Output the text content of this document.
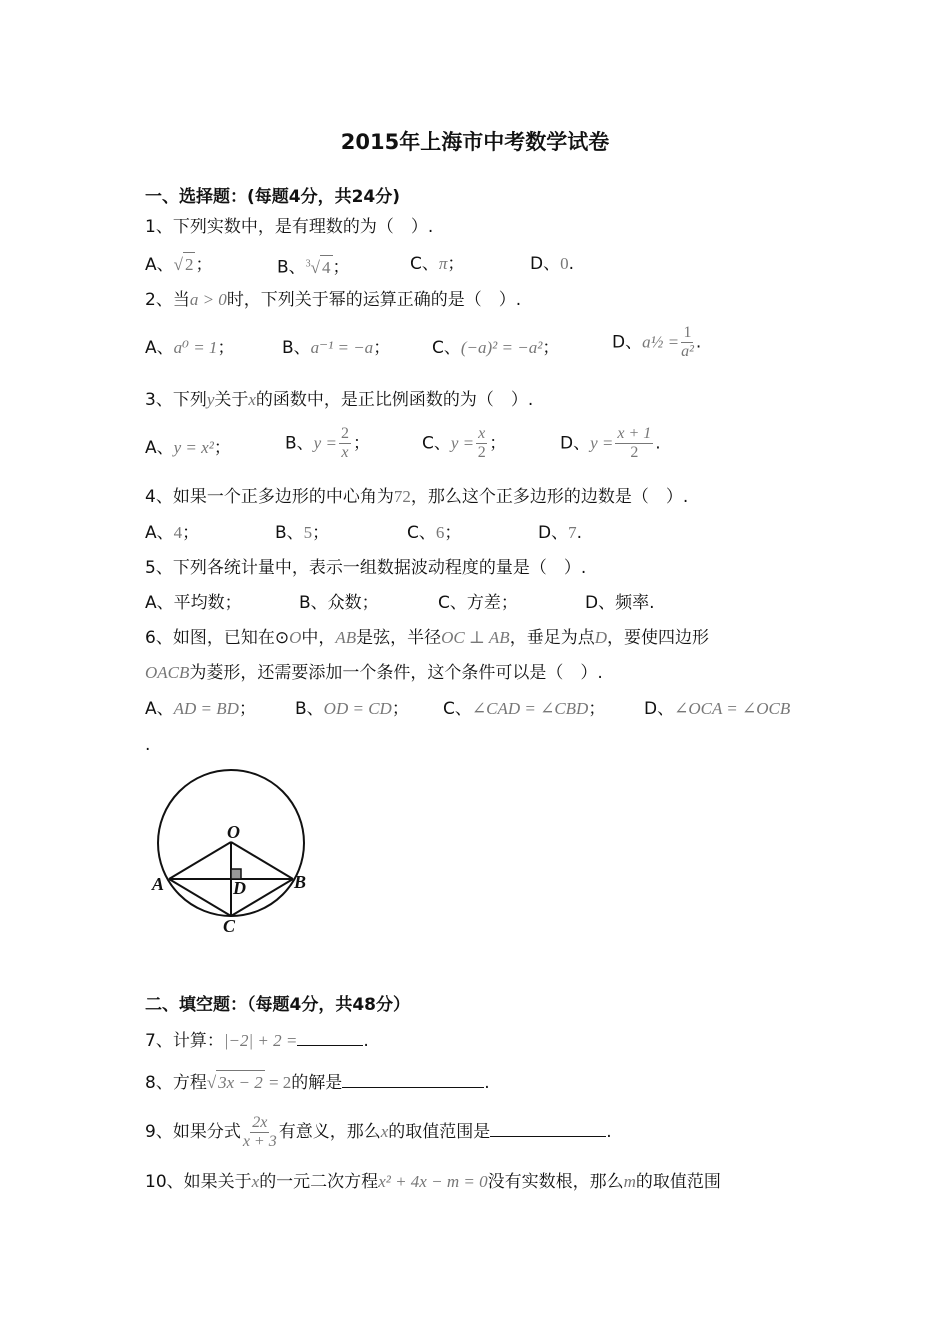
2015年上海市中考数学试卷
一、选择题：(每题4分，共24分)
1、下列实数中，是有理数的为（　）.
A、√ 2 ；	B、$^3$√ 4 ；	C、π；	D、0.
2、当a > 0时，下列关于幂的运算正确的是（　）.
A、a⁰ = 1；	B、a⁻¹ = −a； C、(−a)² = −a²；	D、a½ = $\frac{1}{\text{a²}}$ .
3、下列y关于x的函数中，是正比例函数的为（　）.
A、y = x²；	B、$y = \frac{2}{x}$ ；	C、$y = \frac{x}{2}$ ；	D、$y = \frac{x + 1}{2}$ .
4、如果一个正多边形的中心角为72，那么这个正多边形的边数是（　）.
A、4；	B、5；	C、6；	D、7.
5、下列各统计量中，表示一组数据波动程度的量是（　）.
A、平均数；	B、众数；	C、方差；	D、频率.
6、如图，已知在⊙O中，AB是弦，半径OC ⊥ AB，垂足为点D，要使四边形
OACB为菱形，还需要添加一个条件，这个条件可以是（　）.
A、AD = BD； B、OD = CD； C、∠CAD = ∠CBD； D、∠OCA = ∠OCB
.
O
A	B
C
D
二、填空题：（每题4分，共48分）
7、计算：|−2| + 2 =	.
8、方程√ 3x − 2 = 2的解是	.
9、如果分式 $\frac{2x}{x + 3}$ 有意义，那么x的取值范围是	.
10、如果关于x的一元二次方程x² + 4x − m = 0没有实数根，那么m的取值范围
